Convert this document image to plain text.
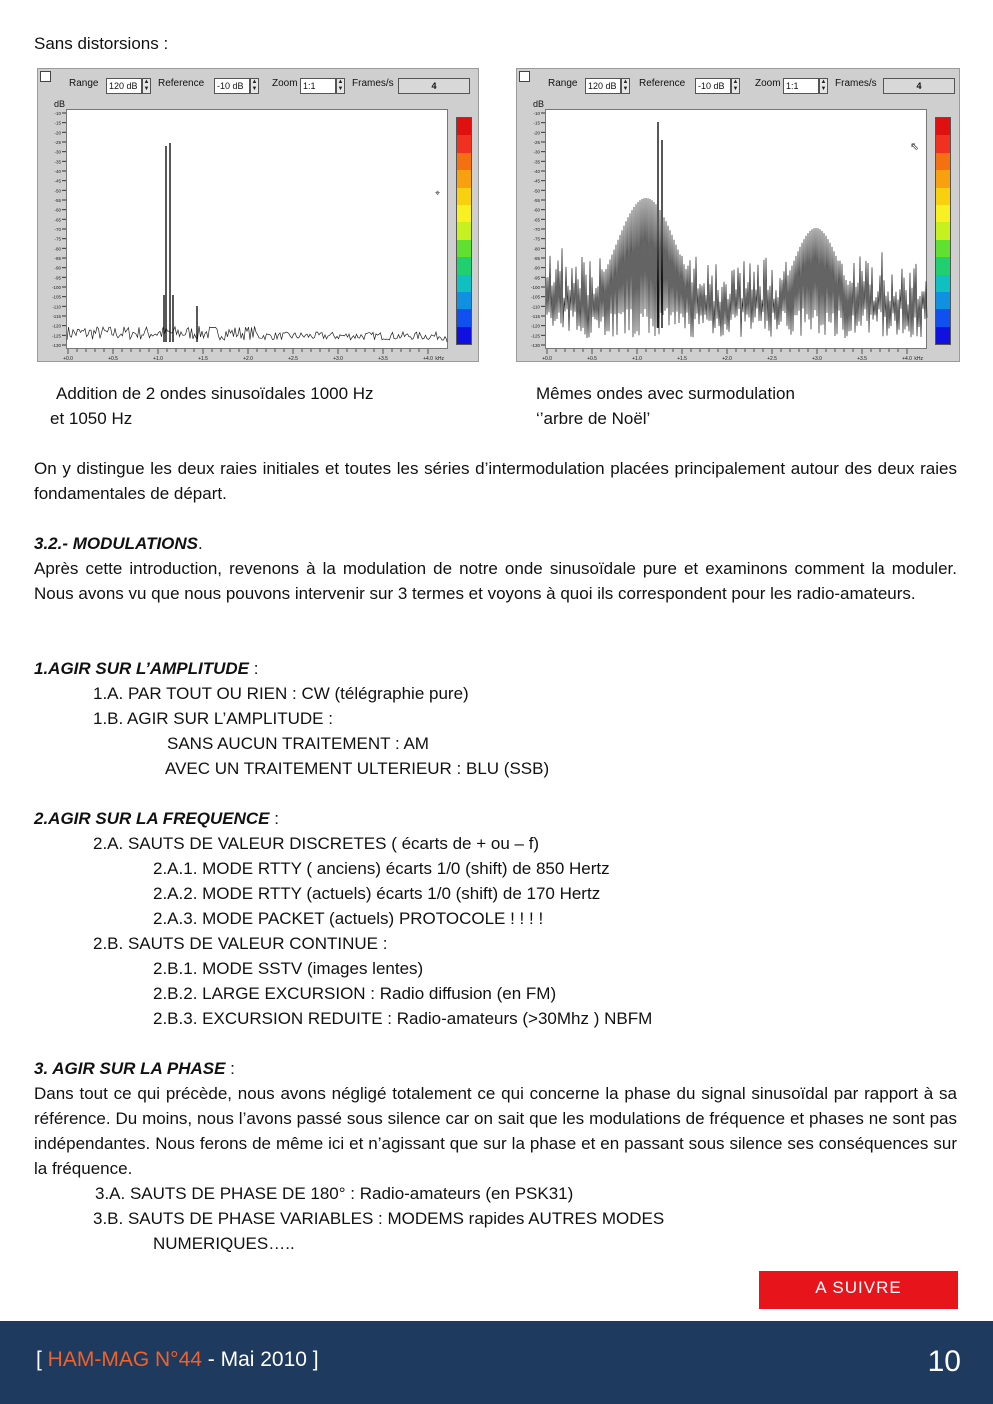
Sans distorsions :
Range	120 dB ▲
▼ Reference	-10 dB	▲
▼ Zoom 1:1	▲
▼ Frames/s	4
dB
-10
-15
-20
-25
-30
-35
-40
-45
-50
-55
-60
-65
-70
-75
-80
-85
-90
-95
-100
-105
-110
-115
-120
-125
-130
⌖
+0.0	+0.5	+1.0	+1.5	+2.0	+2.5	+3.0	+3.5	+4.0 kHz
Range	120 dB ▲
▼ Reference	-10 dB	▲
▼ Zoom 1:1	▲
▼ Frames/s	4
dB
-10
-15
-20
-25
-30
-35
-40
-45
-50
-55
-60
-65
-70
-75
-80
-85
-90
-95
-100
-105
-110
-115
-120
-125
-130
⇖
+0.0	+0.5	+1.0	+1.5	+2.0	+2.5	+3.0	+3.5	+4.0 kHz
Addition de 2 ondes sinusoïdales 1000 Hz
et 1050 Hz
Mêmes ondes avec surmodulation
‘’arbre de Noël’
On y distingue les deux raies initiales et toutes les séries d’intermodulation placées principalement autour des deux raies fondamentales de départ.
3.2.- MODULATIONS.
Après cette introduction, revenons à la modulation de notre onde sinusoïdale pure et examinons comment la moduler. Nous avons vu que nous pouvons intervenir sur 3 termes et voyons à quoi ils correspondent pour les radio-amateurs.
1.AGIR SUR L’AMPLITUDE :
1.A. PAR TOUT OU RIEN : CW (télégraphie pure)
1.B. AGIR SUR L’AMPLITUDE :
SANS AUCUN TRAITEMENT : AM
AVEC UN TRAITEMENT ULTERIEUR : BLU (SSB)
2.AGIR SUR LA FREQUENCE :
2.A. SAUTS DE VALEUR DISCRETES ( écarts de + ou – f)
2.A.1. MODE RTTY ( anciens) écarts 1/0 (shift) de 850 Hertz
2.A.2. MODE RTTY (actuels) écarts 1/0 (shift) de 170 Hertz
2.A.3. MODE PACKET (actuels) PROTOCOLE ! ! ! !
2.B. SAUTS DE VALEUR CONTINUE :
2.B.1. MODE SSTV (images lentes)
2.B.2. LARGE EXCURSION : Radio diffusion (en FM)
2.B.3. EXCURSION REDUITE : Radio-amateurs (>30Mhz ) NBFM
3. AGIR SUR LA PHASE :
Dans tout ce qui précède, nous avons négligé totalement ce qui concerne la phase du signal sinusoïdal par rapport à sa référence. Du moins, nous l’avons passé sous silence car on sait que les modulations de fréquence et phases ne sont pas indépendantes. Nous ferons de même ici et n’agissant que sur la phase et en passant sous silence ses conséquences sur la fréquence.
3.A. SAUTS DE PHASE DE 180° : Radio-amateurs (en PSK31)
3.B. SAUTS DE PHASE VARIABLES : MODEMS rapides AUTRES MODES
NUMERIQUES…..
A SUIVRE
[ HAM-MAG N°44 - Mai 2010 ]	10
